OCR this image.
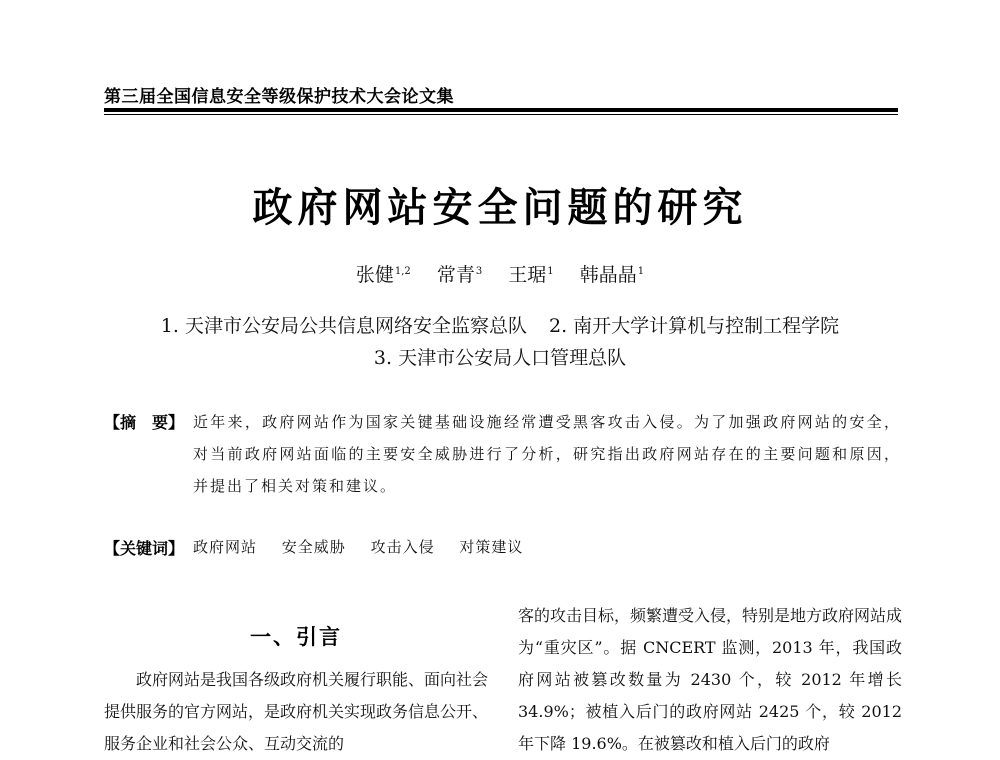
第三届全国信息安全等级保护技术大会论文集
政府网站安全问题的研究
张健$^{1,2}$ 常青$^3$ 王琚$^1$ 韩晶晶$^1$
1. 天津市公安局公共信息网络安全监察总队 2. 南开大学计算机与控制工程学院
3. 天津市公安局人口管理总队
【摘　要】 近年来，政府网站作为国家关键基础设施经常遭受黑客攻击入侵。为了加强政府网站的安全，对当前政府网站面临的主要安全威胁进行了分析，研究指出政府网站存在的主要问题和原因，并提出了相关对策和建议。
【关键词】 政府网站 安全威胁 攻击入侵 对策建议
一、引言
政府网站是我国各级政府机关履行职能、面向社会提供服务的官方网站，是政府机关实现政务信息公开、服务企业和社会公众、互动交流的
客的攻击目标，频繁遭受入侵，特别是地方政府网站成为“重灾区”。据 CNCERT 监测，2013 年，我国政府网站被篡改数量为 2430 个，较 2012 年增长 34.9%；被植入后门的政府网站 2425 个，较 2012 年下降 19.6%。在被篡改和植入后门的政府
